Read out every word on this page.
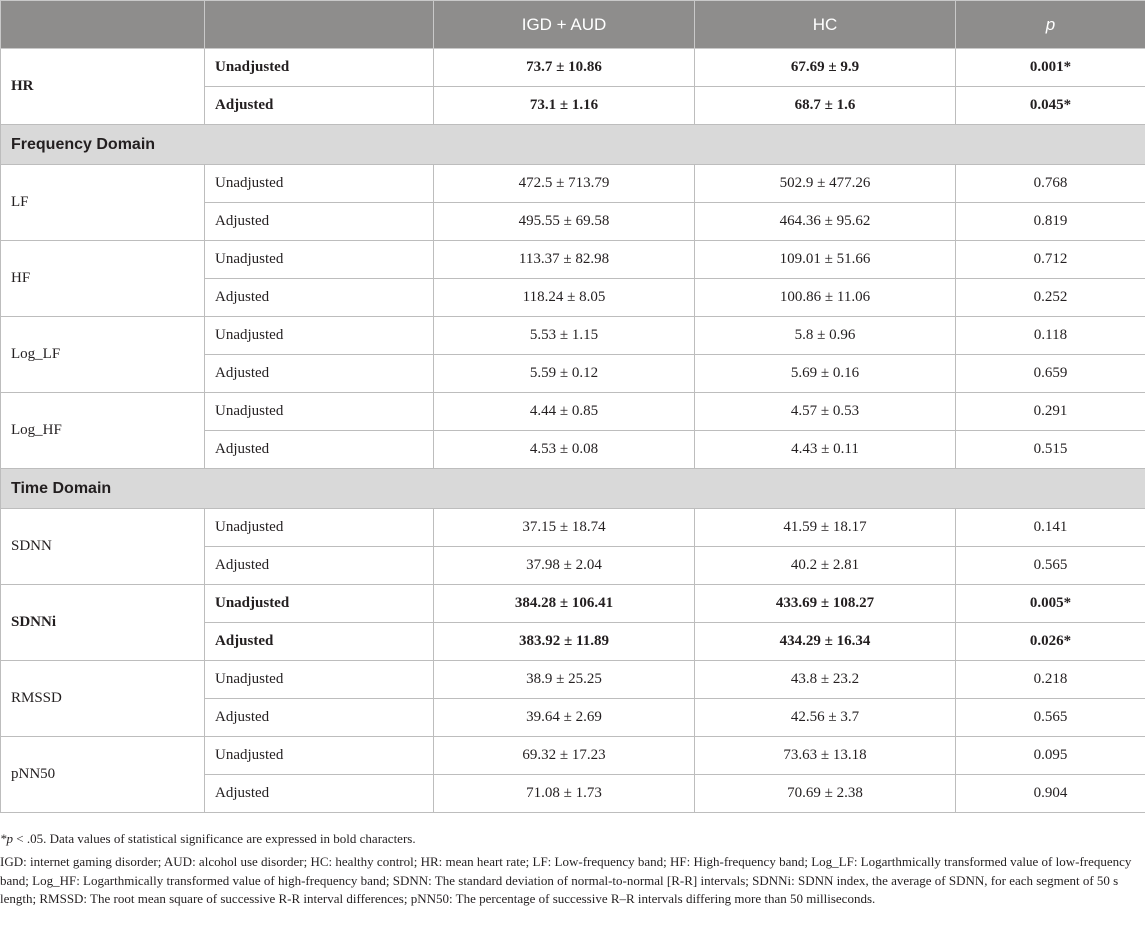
		IGD + AUD	HC	p
HR	Unadjusted	73.7 ± 10.86	67.69 ± 9.9	0.001*
	Adjusted	73.1 ± 1.16	68.7 ± 1.6	0.045*
Frequency Domain				
LF	Unadjusted	472.5 ± 713.79	502.9 ± 477.26	0.768
	Adjusted	495.55 ± 69.58	464.36 ± 95.62	0.819
HF	Unadjusted	113.37 ± 82.98	109.01 ± 51.66	0.712
	Adjusted	118.24 ± 8.05	100.86 ± 11.06	0.252
Log_LF	Unadjusted	5.53 ± 1.15	5.8 ± 0.96	0.118
	Adjusted	5.59 ± 0.12	5.69 ± 0.16	0.659
Log_HF	Unadjusted	4.44 ± 0.85	4.57 ± 0.53	0.291
	Adjusted	4.53 ± 0.08	4.43 ± 0.11	0.515
Time Domain				
SDNN	Unadjusted	37.15 ± 18.74	41.59 ± 18.17	0.141
	Adjusted	37.98 ± 2.04	40.2 ± 2.81	0.565
SDNNi	Unadjusted	384.28 ± 106.41	433.69 ± 108.27	0.005*
	Adjusted	383.92 ± 11.89	434.29 ± 16.34	0.026*
RMSSD	Unadjusted	38.9 ± 25.25	43.8 ± 23.2	0.218
	Adjusted	39.64 ± 2.69	42.56 ± 3.7	0.565
pNN50	Unadjusted	69.32 ± 17.23	73.63 ± 13.18	0.095
	Adjusted	71.08 ± 1.73	70.69 ± 2.38	0.904
*p < .05. Data values of statistical significance are expressed in bold characters.
IGD: internet gaming disorder; AUD: alcohol use disorder; HC: healthy control; HR: mean heart rate; LF: Low-frequency band; HF: High-frequency band; Log_LF: Logarthmically transformed value of low-frequency band; Log_HF: Logarthmically transformed value of high-frequency band; SDNN: The standard deviation of normal-to-normal [R-R] intervals; SDNNi: SDNN index, the average of SDNN, for each segment of 50 s length; RMSSD: The root mean square of successive R-R interval differences; pNN50: The percentage of successive R–R intervals differing more than 50 milliseconds.
